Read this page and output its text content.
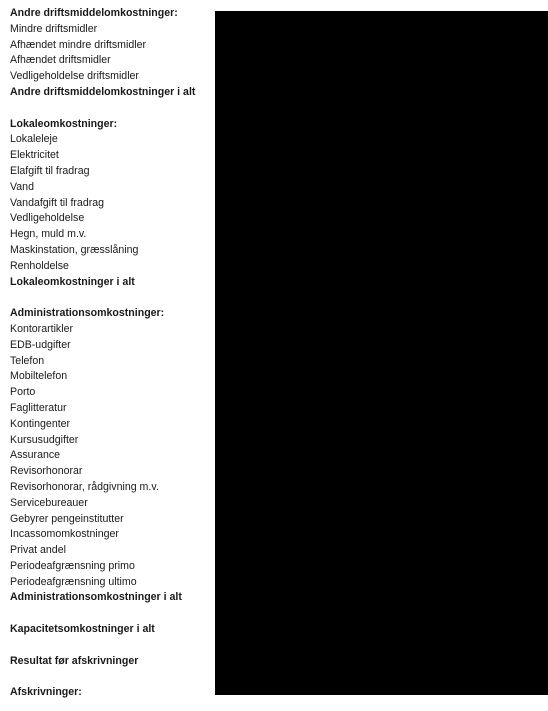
Andre driftsmiddelomkostninger:
Mindre driftsmidler
Afhændet mindre driftsmidler
Afhændet driftsmidler
Vedligeholdelse driftsmidler
Andre driftsmiddelomkostninger i alt
Lokaleomkostninger:
Lokaleleje
Elektricitet
Elafgift til fradrag
Vand
Vandafgift til fradrag
Vedligeholdelse
Hegn, muld m.v.
Maskinstation, græsslåning
Renholdelse
Lokaleomkostninger i alt
Administrationsomkostninger:
Kontorartikler
EDB-udgifter
Telefon
Mobiltelefon
Porto
Faglitteratur
Kontingenter
Kursusudgifter
Assurance
Revisorhonorar
Revisorhonorar, rådgivning m.v.
Servicebureauer
Gebyrer pengeinstitutter
Incassomomkostninger
Privat andel
Periodeafgrænsning primo
Periodeafgrænsning ultimo
Administrationsomkostninger i alt
Kapacitetsomkostninger i alt
Resultat før afskrivninger
Afskrivninger:
